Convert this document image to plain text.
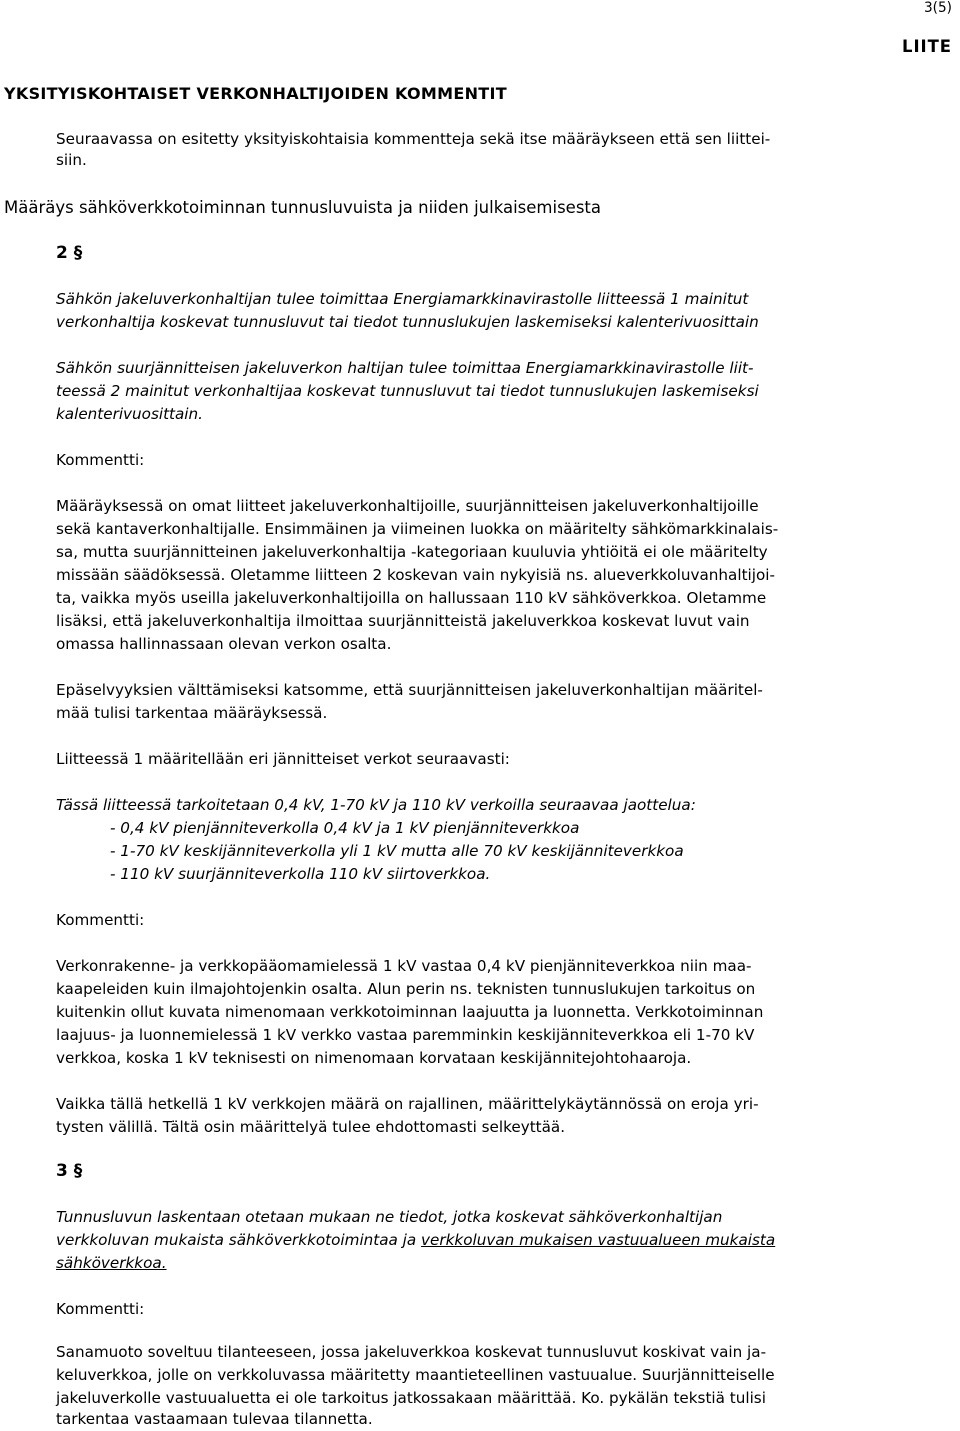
3(5)
LIITE
YKSITYISKOHTAISET VERKONHALTIJOIDEN KOMMENTIT
Seuraavassa on esitetty yksityiskohtaisia kommentteja sekä itse määräykseen että sen liittei-
siin.
Määräys sähköverkkotoiminnan tunnusluvuista ja niiden julkaisemisesta
2 §
Sähkön jakeluverkonhaltijan tulee toimittaa Energiamarkkinavirastolle liitteessä 1 mainitut
verkonhaltija koskevat tunnusluvut tai tiedot tunnuslukujen laskemiseksi kalenterivuosittain
Sähkön suurjännitteisen jakeluverkon haltijan tulee toimittaa Energiamarkkinavirastolle liit-
teessä 2 mainitut verkonhaltijaa koskevat tunnusluvut tai tiedot tunnuslukujen laskemiseksi
kalenterivuosittain.
Kommentti:
Määräyksessä on omat liitteet jakeluverkonhaltijoille, suurjännitteisen jakeluverkonhaltijoille
sekä kantaverkonhaltijalle. Ensimmäinen ja viimeinen luokka on määritelty sähkömarkkinalais-
sa, mutta suurjännitteinen jakeluverkonhaltija -kategoriaan kuuluvia yhtiöitä ei ole määritelty
missään säädöksessä. Oletamme liitteen 2 koskevan vain nykyisiä ns. alueverkkoluvanhaltijoi-
ta, vaikka myös useilla jakeluverkonhaltijoilla on hallussaan 110 kV sähköverkkoa. Oletamme
lisäksi, että jakeluverkonhaltija ilmoittaa suurjännitteistä jakeluverkkoa koskevat luvut vain
omassa hallinnassaan olevan verkon osalta.
Epäselvyyksien välttämiseksi katsomme, että suurjännitteisen jakeluverkonhaltijan määritel-
mää tulisi tarkentaa määräyksessä.
Liitteessä 1 määritellään eri jännitteiset verkot seuraavasti:
Tässä liitteessä tarkoitetaan 0,4 kV, 1-70 kV ja 110 kV verkoilla seuraavaa jaottelua:
- 0,4 kV pienjänniteverkolla 0,4 kV ja 1 kV pienjänniteverkkoa
- 1-70 kV keskijänniteverkolla yli 1 kV mutta alle 70 kV keskijänniteverkkoa
- 110 kV suurjänniteverkolla 110 kV siirtoverkkoa.
Kommentti:
Verkonrakenne- ja verkkopääomamielessä 1 kV vastaa 0,4 kV pienjänniteverkkoa niin maa-
kaapeleiden kuin ilmajohtojenkin osalta. Alun perin ns. teknisten tunnuslukujen tarkoitus on
kuitenkin ollut kuvata nimenomaan verkkotoiminnan laajuutta ja luonnetta. Verkkotoiminnan
laajuus- ja luonnemielessä 1 kV verkko vastaa paremminkin keskijänniteverkkoa eli 1-70 kV
verkkoa, koska 1 kV teknisesti on nimenomaan korvataan keskijännitejohtohaaroja.
Vaikka tällä hetkellä 1 kV verkkojen määrä on rajallinen, määrittelykäytännössä on eroja yri-
tysten välillä. Tältä osin määrittelyä tulee ehdottomasti selkeyttää.
3 §
Tunnusluvun laskentaan otetaan mukaan ne tiedot, jotka koskevat sähköverkonhaltijan
verkkoluvan mukaista sähköverkkotoimintaa ja verkkoluvan mukaisen vastuualueen mukaista
sähköverkkoa.
Kommentti:
Sanamuoto soveltuu tilanteeseen, jossa jakeluverkkoa koskevat tunnusluvut koskivat vain ja-
keluverkkoa, jolle on verkkoluvassa määritetty maantieteellinen vastuualue. Suurjännitteiselle
jakeluverkolle vastuualuetta ei ole tarkoitus jatkossakaan määrittää. Ko. pykälän tekstiä tulisi
tarkentaa vastaamaan tulevaa tilannetta.
